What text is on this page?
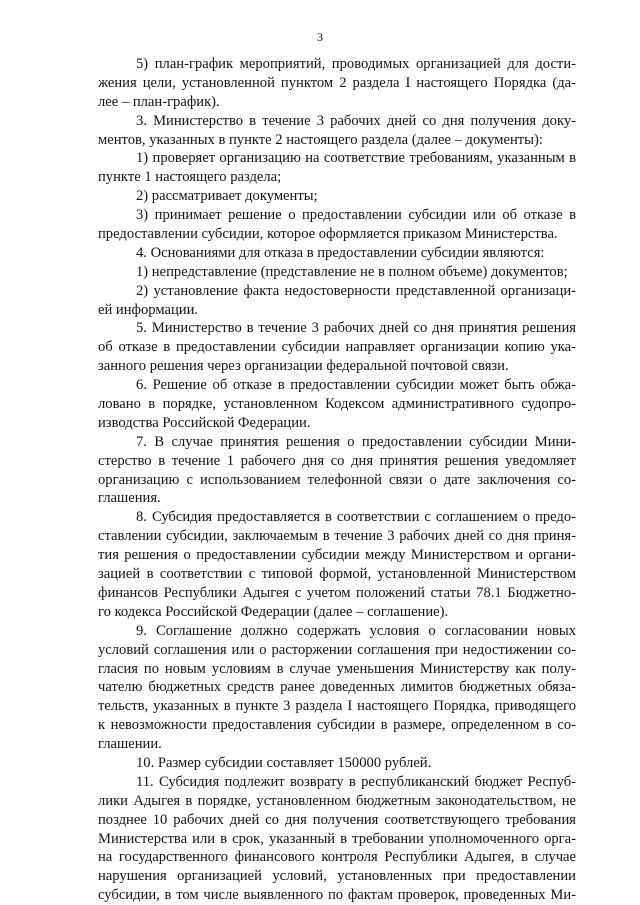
3
5) план-график мероприятий, проводимых организацией для дости-
жения цели, установленной пунктом 2 раздела I настоящего Порядка (да-
лее – план-график).
3. Министерство в течение 3 рабочих дней со дня получения доку-
ментов, указанных в пункте 2 настоящего раздела (далее – документы):
1) проверяет организацию на соответствие требованиям, указанным в
пункте 1 настоящего раздела;
2) рассматривает документы;
3) принимает решение о предоставлении субсидии или об отказе в
предоставлении субсидии, которое оформляется приказом Министерства.
4. Основаниями для отказа в предоставлении субсидии являются:
1) непредставление (представление не в полном объеме) документов;
2) установление факта недостоверности представленной организаци-
ей информации.
5. Министерство в течение 3 рабочих дней со дня принятия решения
об отказе в предоставлении субсидии направляет организации копию ука-
занного решения через организации федеральной почтовой связи.
6. Решение об отказе в предоставлении субсидии может быть обжа-
ловано в порядке, установленном Кодексом административного судопро-
изводства Российской Федерации.
7. В случае принятия решения о предоставлении субсидии Мини-
стерство в течение 1 рабочего дня со дня принятия решения уведомляет
организацию с использованием телефонной связи о дате заключения со-
глашения.
8. Субсидия предоставляется в соответствии с соглашением о предо-
ставлении субсидии, заключаемым в течение 3 рабочих дней со дня приня-
тия решения о предоставлении субсидии между Министерством и органи-
зацией в соответствии с типовой формой, установленной Министерством
финансов Республики Адыгея с учетом положений статьи 78.1 Бюджетно-
го кодекса Российской Федерации (далее – соглашение).
9. Соглашение должно содержать условия о согласовании новых
условий соглашения или о расторжении соглашения при недостижении со-
гласия по новым условиям в случае уменьшения Министерству как полу-
чателю бюджетных средств ранее доведенных лимитов бюджетных обяза-
тельств, указанных в пункте 3 раздела I настоящего Порядка, приводящего
к невозможности предоставления субсидии в размере, определенном в со-
глашении.
10. Размер субсидии составляет 150000 рублей.
11. Субсидия подлежит возврату в республиканский бюджет Респуб-
лики Адыгея в порядке, установленном бюджетным законодательством, не
позднее 10 рабочих дней со дня получения соответствующего требования
Министерства или в срок, указанный в требовании уполномоченного орга-
на государственного финансового контроля Республики Адыгея, в случае
нарушения организацией условий, установленных при предоставлении
субсидии, в том числе выявленного по фактам проверок, проведенных Ми-
